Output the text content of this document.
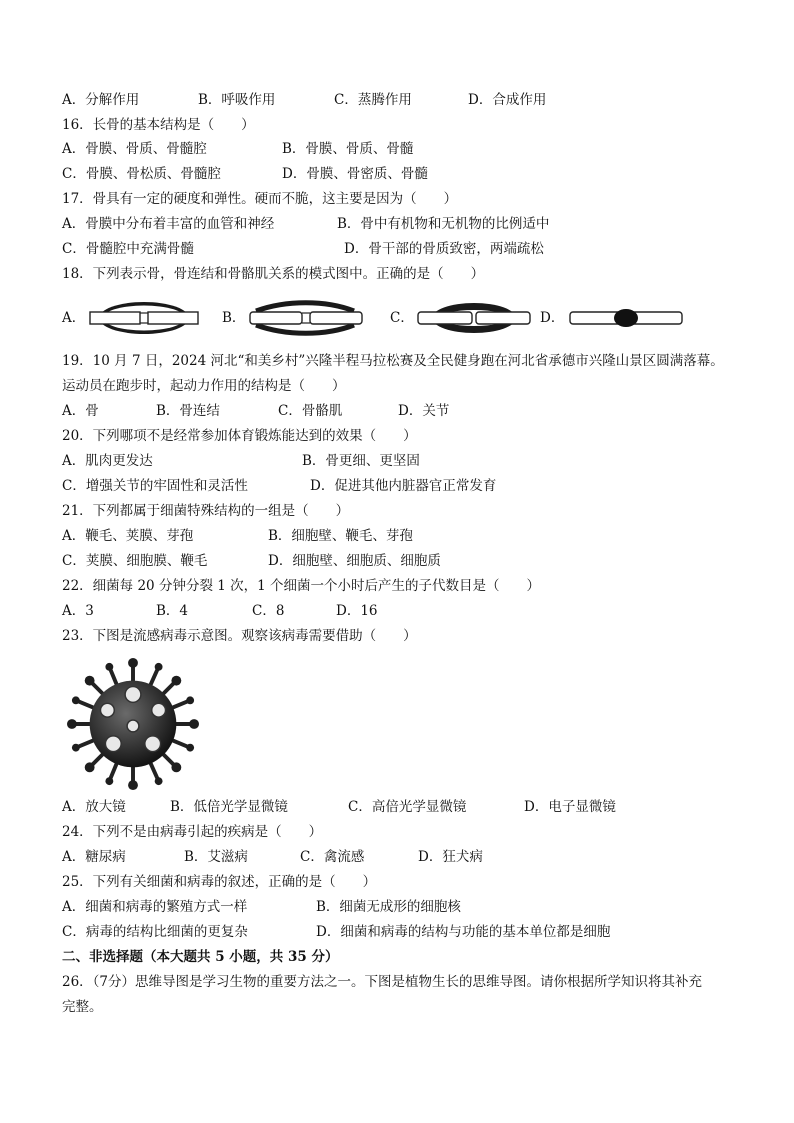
A．分解作用	B．呼吸作用	C．蒸腾作用	D．合成作用
16．长骨的基本结构是（　　）
A．骨膜、骨质、骨髓腔	B．骨膜、骨质、骨髓
C．骨膜、骨松质、骨髓腔	D．骨膜、骨密质、骨髓
17．骨具有一定的硬度和弹性。硬而不脆，这主要是因为（　　）
A．骨膜中分布着丰富的血管和神经	B．骨中有机物和无机物的比例适中
C．骨髓腔中充满骨髓	D．骨干部的骨质致密，两端疏松
18．下列表示骨，骨连结和骨骼肌关系的模式图中。正确的是（　　）
A．	B．	C．	D．
19．10 月 7 日，2024 河北“和美乡村”兴隆半程马拉松赛及全民健身跑在河北省承德市兴隆山景区圆满落幕。
运动员在跑步时，起动力作用的结构是（　　）
A．骨	B．骨连结	C．骨骼肌	D．关节
20．下列哪项不是经常参加体育锻炼能达到的效果（　　）
A．肌肉更发达	B．骨更细、更坚固
C．增强关节的牢固性和灵活性	D．促进其他内脏器官正常发育
21．下列都属于细菌特殊结构的一组是（　　）
A．鞭毛、荚膜、芽孢	B．细胞壁、鞭毛、芽孢
C．荚膜、细胞膜、鞭毛	D．细胞壁、细胞质、细胞质
22．细菌每 20 分钟分裂 1 次，1 个细菌一个小时后产生的子代数目是（　　）
A．3	B．4	C．8	D．16
23．下图是流感病毒示意图。观察该病毒需要借助（　　）
A．放大镜	B．低倍光学显微镜	C．高倍光学显微镜	D．电子显微镜
24．下列不是由病毒引起的疾病是（　　）
A．糖尿病	B．艾滋病	C．禽流感	D．狂犬病
25．下列有关细菌和病毒的叙述，正确的是（　　）
A．细菌和病毒的繁殖方式一样	B．细菌无成形的细胞核
C．病毒的结构比细菌的更复杂	D．细菌和病毒的结构与功能的基本单位都是细胞
二、非选择题（本大题共 5 小题，共 35 分）
26．（7分）思维导图是学习生物的重要方法之一。下图是植物生长的思维导图。请你根据所学知识将其补充
完整。
